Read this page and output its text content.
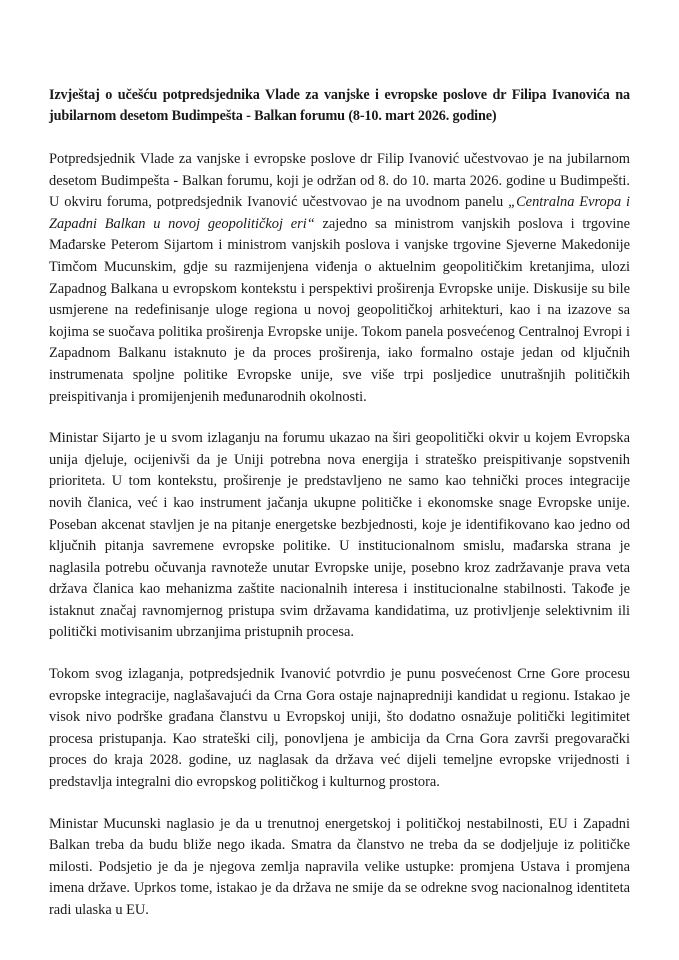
Izvještaj o učešću potpredsjednika Vlade za vanjske i evropske poslove dr Filipa Ivanovića na jubilarnom desetom Budimpešta - Balkan forumu (8-10. mart 2026. godine)

Potpredsjednik Vlade za vanjske i evropske poslove dr Filip Ivanović učestvovao je na jubilarnom desetom Budimpešta - Balkan forumu, koji je održan od 8. do 10. marta 2026. godine u Budimpešti. U okviru foruma, potpredsjednik Ivanović učestvovao je na uvodnom panelu „Centralna Evropa i Zapadni Balkan u novoj geopolitičkoj eri“ zajedno sa ministrom vanjskih poslova i trgovine Mađarske Peterom Sijartom i ministrom vanjskih poslova i vanjske trgovine Sjeverne Makedonije Timčom Mucunskim, gdje su razmijenjena viđenja o aktuelnim geopolitičkim kretanjima, ulozi Zapadnog Balkana u evropskom kontekstu i perspektivi proširenja Evropske unije. Diskusije su bile usmjerene na redefinisanje uloge regiona u novoj geopolitičkoj arhitekturi, kao i na izazove sa kojima se suočava politika proširenja Evropske unije. Tokom panela posvećenog Centralnoj Evropi i Zapadnom Balkanu istaknuto je da proces proširenja, iako formalno ostaje jedan od ključnih instrumenata spoljne politike Evropske unije, sve više trpi posljedice unutrašnjih političkih preispitivanja i promijenjenih međunarodnih okolnosti.

Ministar Sijarto je u svom izlaganju na forumu ukazao na širi geopolitički okvir u kojem Evropska unija djeluje, ocijenivši da je Uniji potrebna nova energija i strateško preispitivanje sopstvenih prioriteta. U tom kontekstu, proširenje je predstavljeno ne samo kao tehnički proces integracije novih članica, već i kao instrument jačanja ukupne političke i ekonomske snage Evropske unije. Poseban akcenat stavljen je na pitanje energetske bezbjednosti, koje je identifikovano kao jedno od ključnih pitanja savremene evropske politike. U institucionalnom smislu, mađarska strana je naglasila potrebu očuvanja ravnoteže unutar Evropske unije, posebno kroz zadržavanje prava veta država članica kao mehanizma zaštite nacionalnih interesa i institucionalne stabilnosti. Takođe je istaknut značaj ravnomjernog pristupa svim državama kandidatima, uz protivljenje selektivnim ili politički motivisanim ubrzanjima pristupnih procesa.

Tokom svog izlaganja, potpredsjednik Ivanović potvrdio je punu posvećenost Crne Gore procesu evropske integracije, naglašavajući da Crna Gora ostaje najnapredniji kandidat u regionu. Istakao je visok nivo podrške građana članstvu u Evropskoj uniji, što dodatno osnažuje politički legitimitet procesa pristupanja. Kao strateški cilj, ponovljena je ambicija da Crna Gora završi pregovarački proces do kraja 2028. godine, uz naglasak da država već dijeli temeljne evropske vrijednosti i predstavlja integralni dio evropskog političkog i kulturnog prostora.

Ministar Mucunski naglasio je da u trenutnoj energetskoj i političkoj nestabilnosti, EU i Zapadni Balkan treba da budu bliže nego ikada. Smatra da članstvo ne treba da se dodjeljuje iz političke milosti. Podsjetio je da je njegova zemlja napravila velike ustupke: promjena Ustava i promjena imena države. Uprkos tome, istakao je da država ne smije da se odrekne svog nacionalnog identiteta radi ulaska u EU.
